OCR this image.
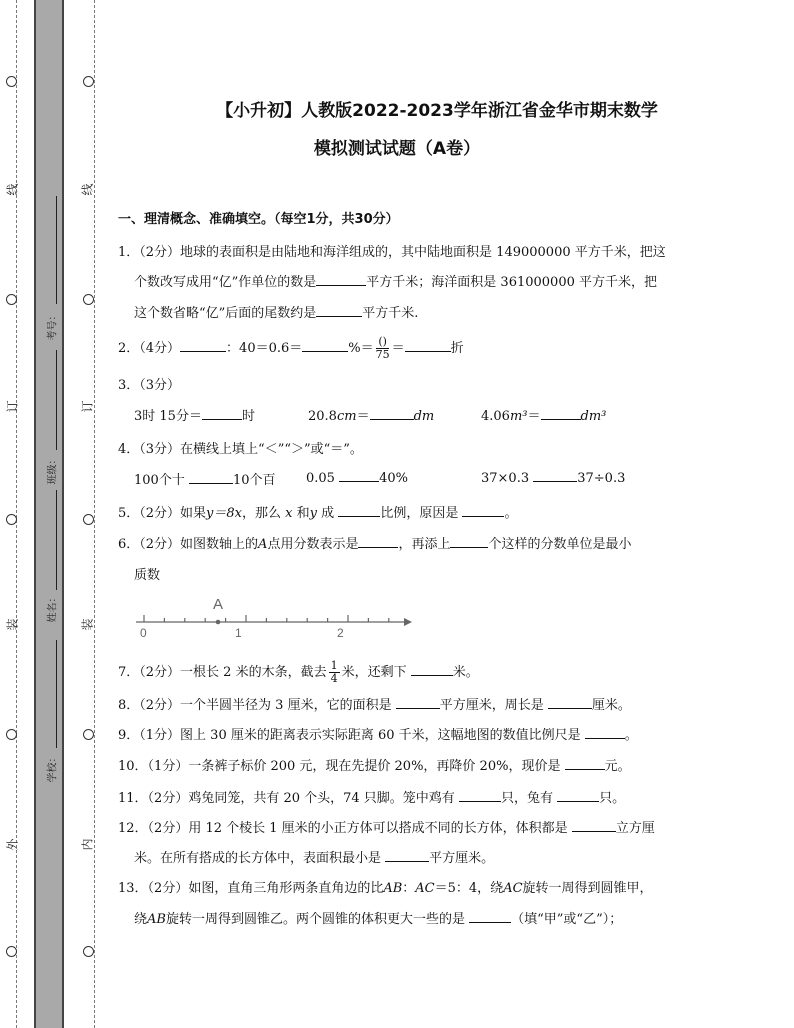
线
订
装
外
线
订
装
内
考号：
班级：
姓名：
学校：
【小升初】人教版2022-2023学年浙江省金华市期末数学
模拟测试试题（A卷）
一、理清概念、准确填空。（每空1分，共30分）
1．（2分）地球的表面积是由陆地和海洋组成的，其中陆地面积是 149000000 平方千米，把这
个数改写成用“亿”作单位的数是	平方千米；海洋面积是 361000000 平方千米，把
这个数省略“亿”后面的尾数约是	平方千米.
2．（4分）	：40＝0.6＝	%＝ $\frac{()}{75}$ ＝	折
3．（3分）
3时 15分＝	时	20.8cm＝	dm	4.06m³＝	dm³
4．（3分）在横线上填上“＜”“＞”或“＝”。
100个十	10个百 0.05	40%	37×0.3	37÷0.3
5．（2分）如果y＝8x，那么 x 和y 成	比例，原因是	。
6．（2分）如图数轴上的A点用分数表示是	，再添上	个这样的分数单位是最小
质数
A
0	1	2
7．（2分）一根长 2 米的木条，截去 $\frac{1}{4}$ 米，还剩下	米。
8．（2分）一个半圆半径为 3 厘米，它的面积是	平方厘米，周长是	厘米。
9．（1分）图上 30 厘米的距离表示实际距离 60 千米，这幅地图的数值比例尺是	。
10．（1分）一条裤子标价 200 元，现在先提价 20%，再降价 20%，现价是	元。
11．（2分）鸡兔同笼，共有 20 个头，74 只脚。笼中鸡有	只，兔有	只。
12．（2分）用 12 个棱长 1 厘米的小正方体可以搭成不同的长方体，体积都是	立方厘
米。在所有搭成的长方体中，表面积最小是	平方厘米。
13．（2分）如图，直角三角形两条直角边的比AB：AC＝5：4，绕AC旋转一周得到圆锥甲，
绕AB旋转一周得到圆锥乙。两个圆锥的体积更大一些的是	（填“甲”或“乙”）；
